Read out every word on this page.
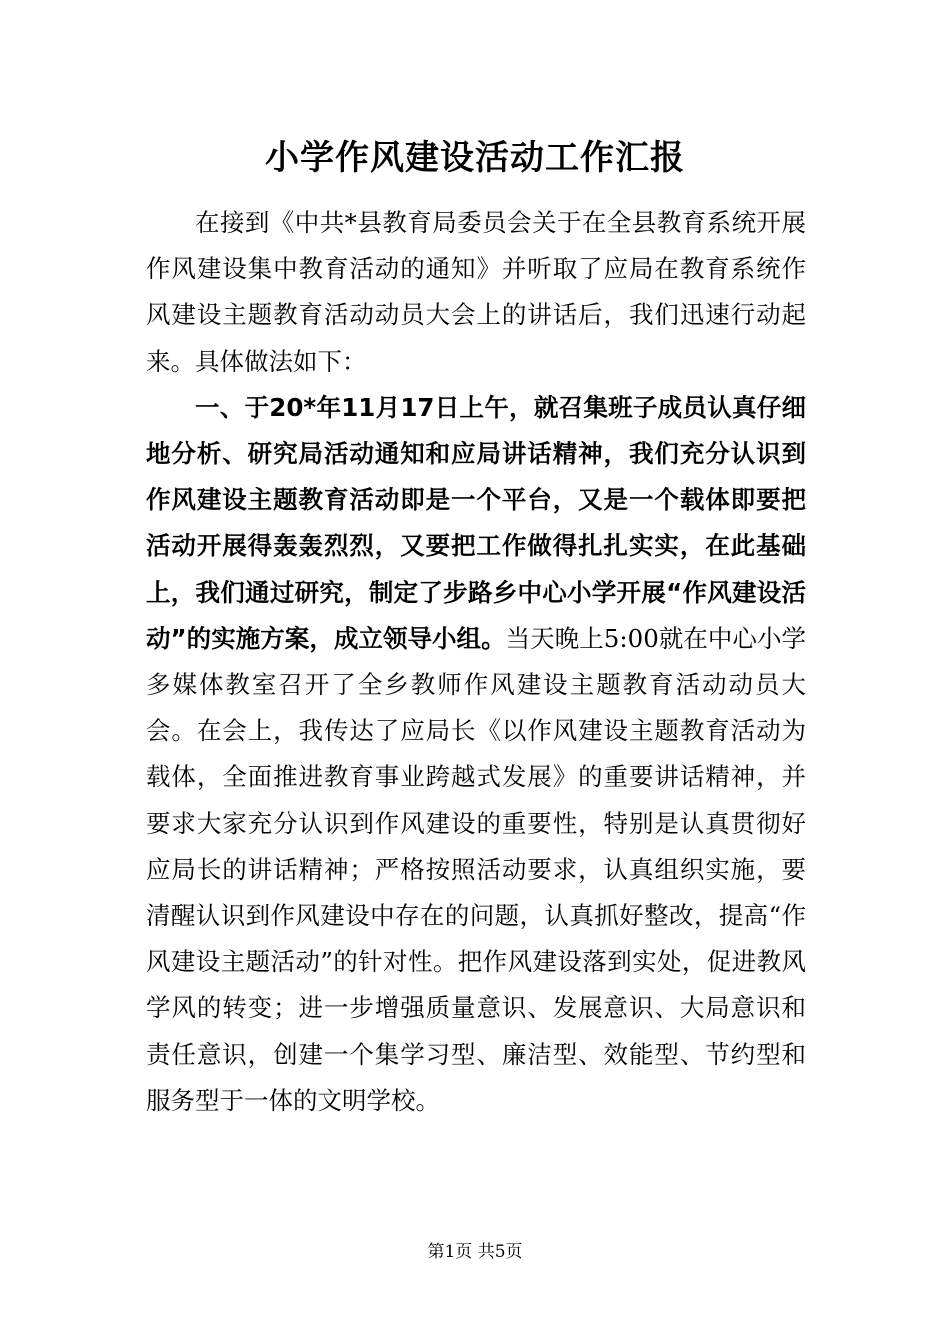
小学作风建设活动工作汇报

在接到《中共*县教育局委员会关于在全县教育系统开展作风建设集中教育活动的通知》并听取了应局在教育系统作风建设主题教育活动动员大会上的讲话后，我们迅速行动起来。具体做法如下：

一、于20*年11月17日上午，就召集班子成员认真仔细地分析、研究局活动通知和应局讲话精神，我们充分认识到作风建设主题教育活动即是一个平台，又是一个载体即要把活动开展得轰轰烈烈，又要把工作做得扎扎实实，在此基础上，我们通过研究，制定了步路乡中心小学开展“作风建设活动”的实施方案，成立领导小组。当天晚上5:00就在中心小学多媒体教室召开了全乡教师作风建设主题教育活动动员大会。在会上，我传达了应局长《以作风建设主题教育活动为载体，全面推进教育事业跨越式发展》的重要讲话精神，并要求大家充分认识到作风建设的重要性，特别是认真贯彻好应局长的讲话精神；严格按照活动要求，认真组织实施，要清醒认识到作风建设中存在的问题，认真抓好整改，提高“作风建设主题活动”的针对性。把作风建设落到实处，促进教风学风的转变；进一步增强质量意识、发展意识、大局意识和责任意识，创建一个集学习型、廉洁型、效能型、节约型和服务型于一体的文明学校。

第1页 共5页
